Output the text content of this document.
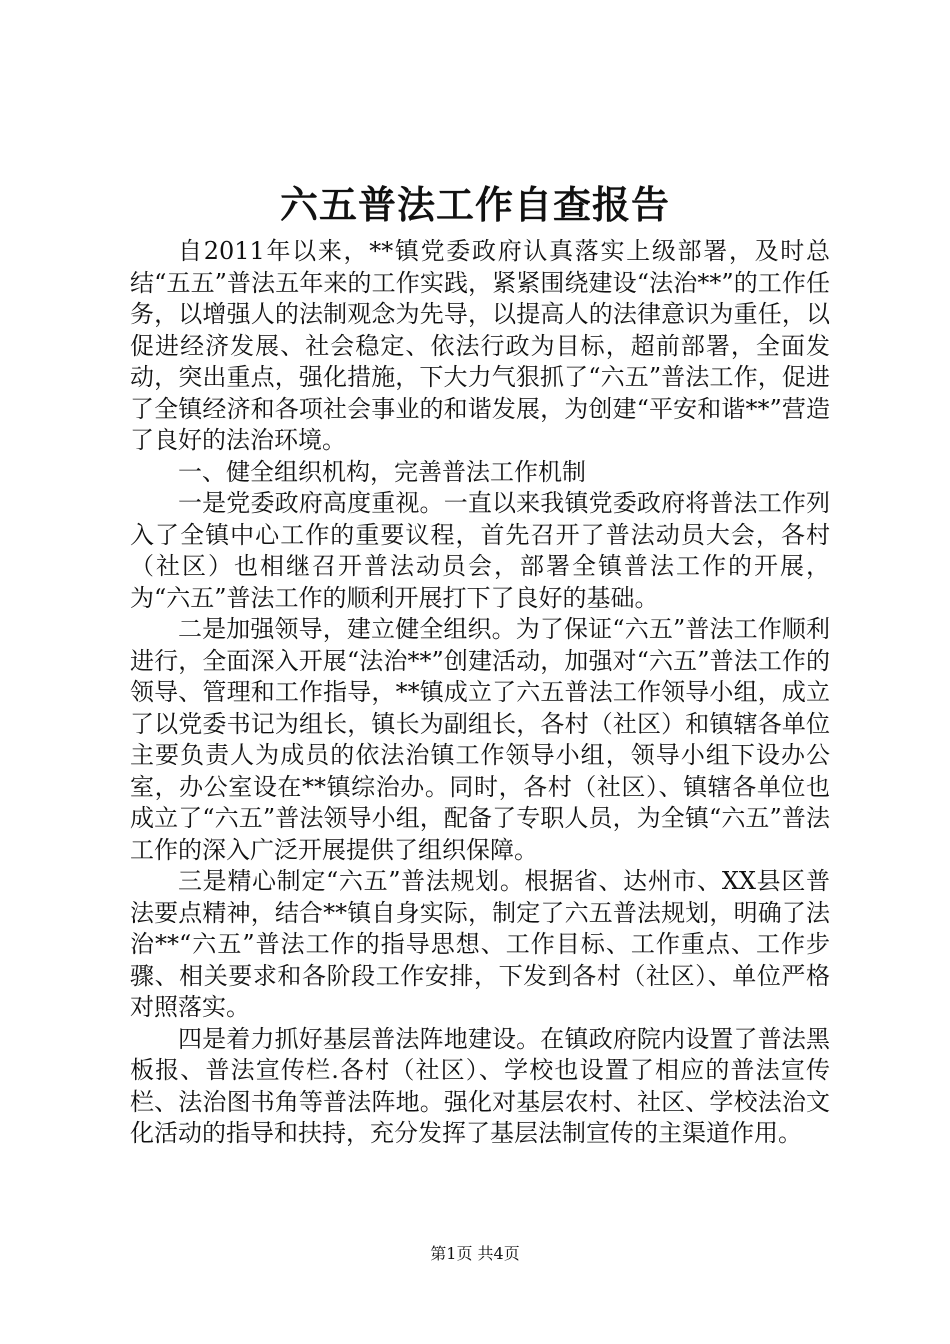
六五普法工作自查报告

自2011年以来，**镇党委政府认真落实上级部署，及时总结“五五”普法五年来的工作实践，紧紧围绕建设“法治**”的工作任务，以增强人的法制观念为先导，以提高人的法律意识为重任，以促进经济发展、社会稳定、依法行政为目标，超前部署，全面发动，突出重点，强化措施，下大力气狠抓了“六五”普法工作，促进了全镇经济和各项社会事业的和谐发展，为创建“平安和谐**”营造了良好的法治环境。

一、健全组织机构，完善普法工作机制

一是党委政府高度重视。一直以来我镇党委政府将普法工作列入了全镇中心工作的重要议程，首先召开了普法动员大会，各村（社区）也相继召开普法动员会，部署全镇普法工作的开展，为“六五”普法工作的顺利开展打下了良好的基础。

二是加强领导，建立健全组织。为了保证“六五”普法工作顺利进行，全面深入开展“法治**”创建活动，加强对“六五”普法工作的领导、管理和工作指导，**镇成立了六五普法工作领导小组，成立了以党委书记为组长，镇长为副组长，各村（社区）和镇辖各单位主要负责人为成员的依法治镇工作领导小组，领导小组下设办公室，办公室设在**镇综治办。同时，各村（社区）、镇辖各单位也成立了“六五”普法领导小组，配备了专职人员，为全镇“六五”普法工作的深入广泛开展提供了组织保障。

三是精心制定“六五”普法规划。根据省、达州市、XX县区普法要点精神，结合**镇自身实际，制定了六五普法规划，明确了法治**“六五”普法工作的指导思想、工作目标、工作重点、工作步骤、相关要求和各阶段工作安排，下发到各村（社区）、单位严格对照落实。

四是着力抓好基层普法阵地建设。在镇政府院内设置了普法黑板报、普法宣传栏.各村（社区）、学校也设置了相应的普法宣传栏、法治图书角等普法阵地。强化对基层农村、社区、学校法治文化活动的指导和扶持，充分发挥了基层法制宣传的主渠道作用。

第1页 共4页
